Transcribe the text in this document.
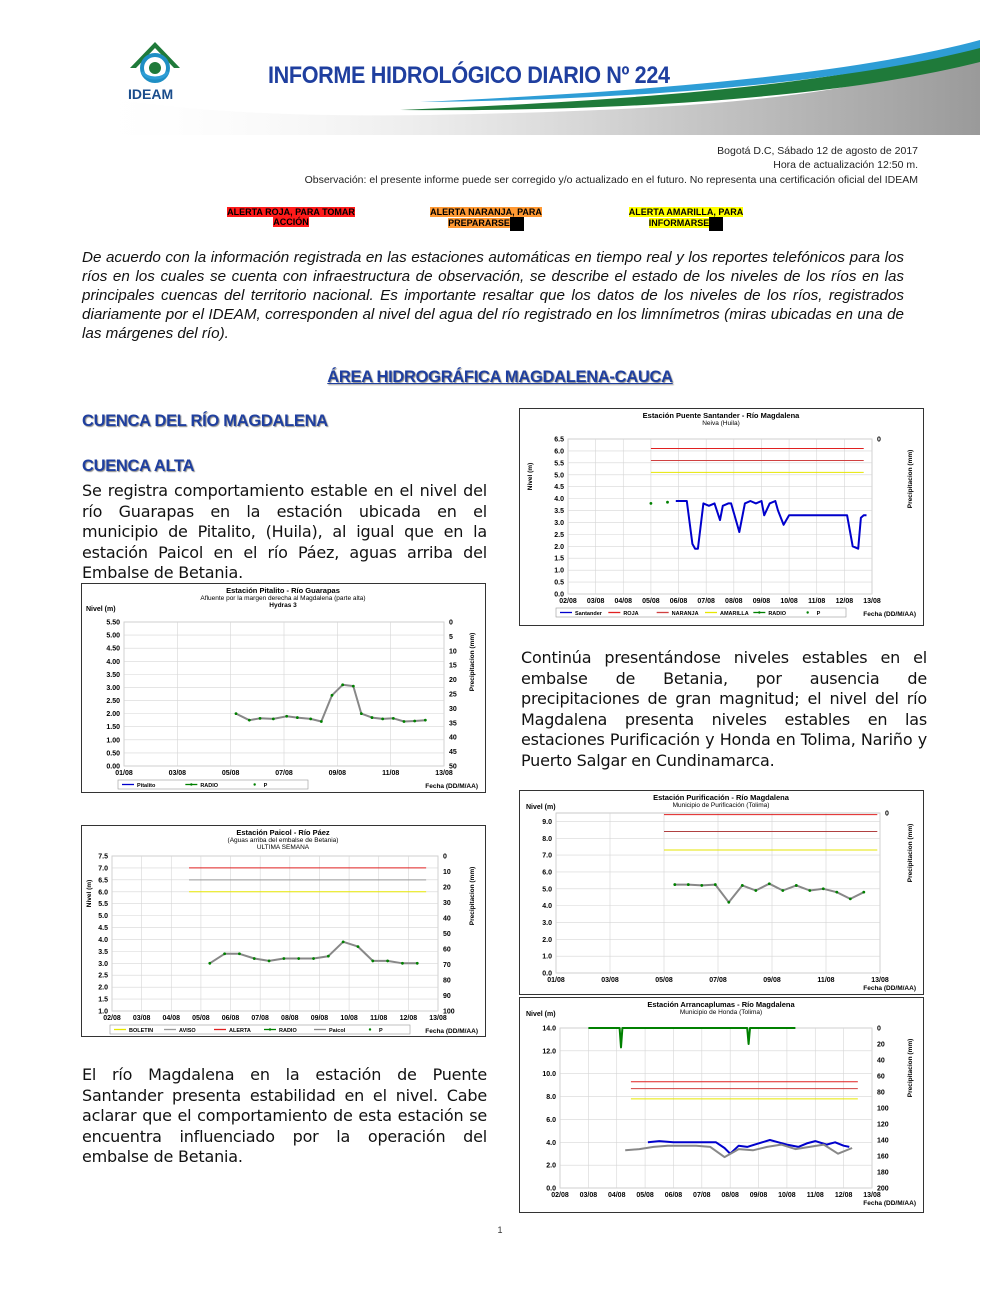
IDEAM
INFORME HIDROLÓGICO DIARIO Nº 224
Bogotá D.C, Sábado 12 de agosto de 2017
Hora de actualización 12:50 m.
Observación: el presente informe puede ser corregido y/o actualizado en el futuro. No representa una certificación oficial del IDEAM
ALERTA ROJA, PARA TOMAR
ACCIÓN
ALERTA NARANJA, PARA
PREPARARSE
ALERTA AMARILLA, PARA
INFORMARSE
De acuerdo con la información registrada en las estaciones automáticas en tiempo real y los reportes telefónicos para los ríos en los cuales se cuenta con infraestructura de observación, se describe el estado de los niveles de los ríos en las principales cuencas del territorio nacional. Es importante resaltar que los datos de los niveles de los ríos, registrados diariamente por el IDEAM, corresponden al nivel del agua del río registrado en los limnímetros (miras ubicadas en una de las márgenes del río).
ÁREA HIDROGRÁFICA MAGDALENA-CAUCA
CUENCA DEL RÍO MAGDALENA
CUENCA ALTA
Se registra comportamiento estable en el nivel del río Guarapas en la estación ubicada en el municipio de Pitalito, (Huila), al igual que en la estación Paicol en el río Páez, aguas arriba del Embalse de Betania.
Continúa presentándose niveles estables en el embalse de Betania, por ausencia de precipitaciones de gran magnitud; el nivel del río Magdalena presenta niveles estables en las estaciones Purificación y Honda en Tolima, Nariño y Puerto Salgar en Cundinamarca.
El río Magdalena en la estación de Puente Santander presenta estabilidad en el nivel. Cabe aclarar que el comportamiento de esta estación se encuentra influenciado por la operación del embalse de Betania.
Estación Puente Santander - Río Magdalena
Neiva (Huila)
0.0
0.5
1.0
1.5
2.0
2.5
3.0
3.5
4.0
4.5
5.0
5.5
6.0
6.5
02/08 03/08 04/08 05/08 06/08 07/08 08/08 09/08 10/08 11/08 12/08 13/08
0
Nivel (m)	Precipitacion (mm)
Fecha (DD/M/AA)
Santander	ROJA	NARANJA	AMARILLA	RADIO	P
Estación Pitalito - Río Guarapas
Afluente por la margen derecha al Magdalena (parte alta)
Hydras 3
0.00
0.50
1.00
1.50
2.00
2.50
3.00
3.50
4.00
4.50
5.00
5.50
01/08	03/08	05/08	07/08	09/08	11/08	13/08
50
45
40
35
30
25
20
15
10
5
0
Nivel (m)
Precipitacion (mm)
Fecha (DD/M/AA)
Pitalito	RADIO	P
Estación Paicol - Río Páez
(Aguas arriba del embalse de Betania)
ULTIMA SEMANA
1.0
1.5
2.0
2.5
3.0
3.5
4.0
4.5
5.0
5.5
6.0
6.5
7.0
7.5
02/08 03/08 04/08 05/08 06/08 07/08 08/08 09/08 10/08 11/08 12/08 13/08
100
90
80
70
60
50
40
30
20
10
0
Nivel (m)	Precipitacion (mm)
Fecha (DD/M/AA)
BOLETIN	AVISO	ALERTA	RADIO	Paicol	P
Estación Purificación - Río Magdalena
Municipio de Purificación (Tolima)
0.0
1.0
2.0
3.0
4.0
5.0
6.0
7.0
8.0
9.0
01/08	03/08	05/08	07/08	09/08	11/08	13/08
0
Nivel (m)
Precipitacion (mm)
Fecha (DD/M/AA)
Estación Arrancaplumas - Río Magdalena
Municipio de Honda (Tolima)
0.0
2.0
4.0
6.0
8.0
10.0
12.0
14.0
02/08 03/08 04/08 05/08 06/08 07/08 08/08 09/08 10/08 11/08 12/08 13/08
200
180
160
140
120
100
80
60
40
20
0
Nivel (m)
Precipitacion (mm)
Fecha (DD/M/AA)
1
